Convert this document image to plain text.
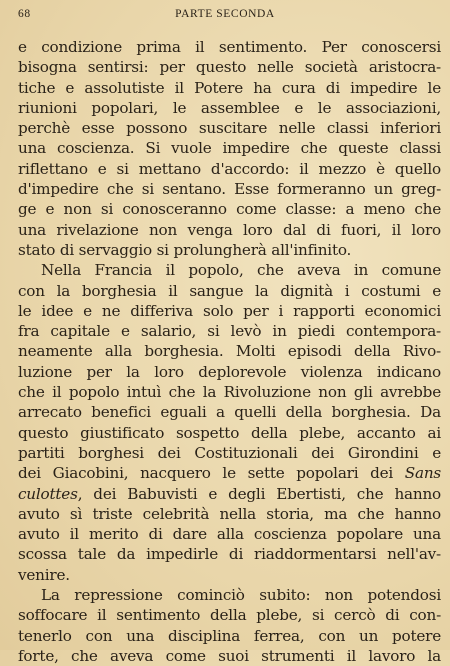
68	PARTE SECONDA
e condizione prima il sentimento. Per conoscersi
bisogna sentirsi: per questo nelle società aristocra-
tiche e assolutiste il Potere ha cura di impedire le
riunioni popolari, le assemblee e le associazioni,
perchè esse possono suscitare nelle classi inferiori
una coscienza. Si vuole impedire che queste classi
riflettano e si mettano d'accordo: il mezzo è quello
d'impedire che si sentano. Esse formeranno un greg-
ge e non si conosceranno come classe: a meno che
una rivelazione non venga loro dal di fuori, il loro
stato di servaggio si prolungherà all'infinito.
Nella Francia il popolo, che aveva in comune
con la borghesia il sangue la dignità i costumi e
le idee e ne differiva solo per i rapporti economici
fra capitale e salario, si levò in piedi contempora-
neamente alla borghesia. Molti episodi della Rivo-
luzione per la loro deplorevole violenza indicano
che il popolo intuì che la Rivoluzione non gli avrebbe
arrecato benefici eguali a quelli della borghesia. Da
questo giustificato sospetto della plebe, accanto ai
partiti borghesi dei Costituzionali dei Girondini e
dei Giacobini, nacquero le sette popolari dei Sans
culottes, dei Babuvisti e degli Ebertisti, che hanno
avuto sì triste celebrità nella storia, ma che hanno
avuto il merito di dare alla coscienza popolare una
scossa tale da impedirle di riaddormentarsi nell'av-
venire.
La repressione cominciò subito: non potendosi
soffocare il sentimento della plebe, si cercò di con-
tenerlo con una disciplina ferrea, con un potere
forte, che aveva come suoi strumenti il lavoro la
